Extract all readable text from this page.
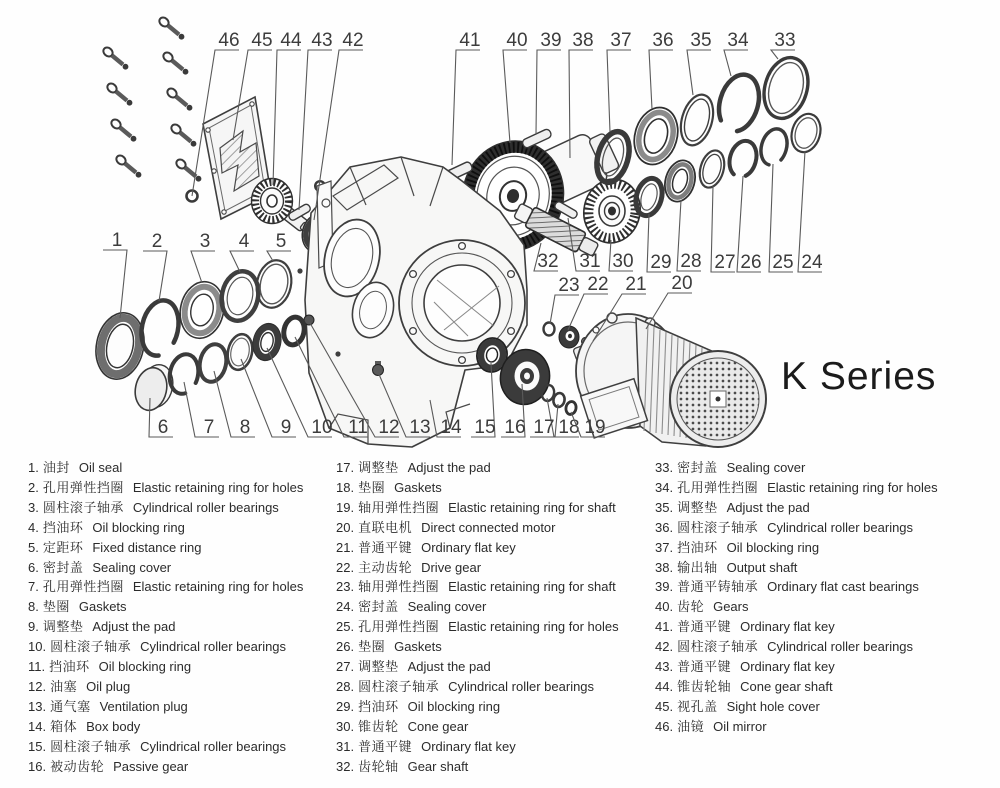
46 45 44 43 42	41 40 39 38 37 36 35 34 33
1 2 3 4 5
32 31 30 29 28 27 26 25 24
23 22 21 20
6 7 8 9 10 11 12 13 14 15 16 17 18 19
K Series
1. 油封 Oil seal
2. 孔用弹性挡圈 Elastic retaining ring for holes
3. 圆柱滚子轴承 Cylindrical roller bearings
4. 挡油环 Oil blocking ring
5. 定距环 Fixed distance ring
6. 密封盖 Sealing cover
7. 孔用弹性挡圈 Elastic retaining ring for holes
8. 垫圈 Gaskets
9. 调整垫 Adjust the pad
10. 圆柱滚子轴承 Cylindrical roller bearings
11. 挡油环 Oil blocking ring
12. 油塞 Oil plug
13. 通气塞 Ventilation plug
14. 箱体 Box body
15. 圆柱滚子轴承 Cylindrical roller bearings
16. 被动齿轮 Passive gear
17. 调整垫 Adjust the pad
18. 垫圈 Gaskets
19. 轴用弹性挡圈 Elastic retaining ring for shaft
20. 直联电机 Direct connected motor
21. 普通平键 Ordinary flat key
22. 主动齿轮 Drive gear
23. 轴用弹性挡圈 Elastic retaining ring for shaft
24. 密封盖 Sealing cover
25. 孔用弹性挡圈 Elastic retaining ring for holes
26. 垫圈 Gaskets
27. 调整垫 Adjust the pad
28. 圆柱滚子轴承 Cylindrical roller bearings
29. 挡油环 Oil blocking ring
30. 锥齿轮 Cone gear
31. 普通平键 Ordinary flat key
32. 齿轮轴 Gear shaft
33. 密封盖 Sealing cover
34. 孔用弹性挡圈 Elastic retaining ring for holes
35. 调整垫 Adjust the pad
36. 圆柱滚子轴承 Cylindrical roller bearings
37. 挡油环 Oil blocking ring
38. 输出轴 Output shaft
39. 普通平铸轴承 Ordinary flat cast bearings
40. 齿轮 Gears
41. 普通平键 Ordinary flat key
42. 圆柱滚子轴承 Cylindrical roller bearings
43. 普通平键 Ordinary flat key
44. 锥齿轮轴 Cone gear shaft
45. 视孔盖 Sight hole cover
46. 油镜 Oil mirror
